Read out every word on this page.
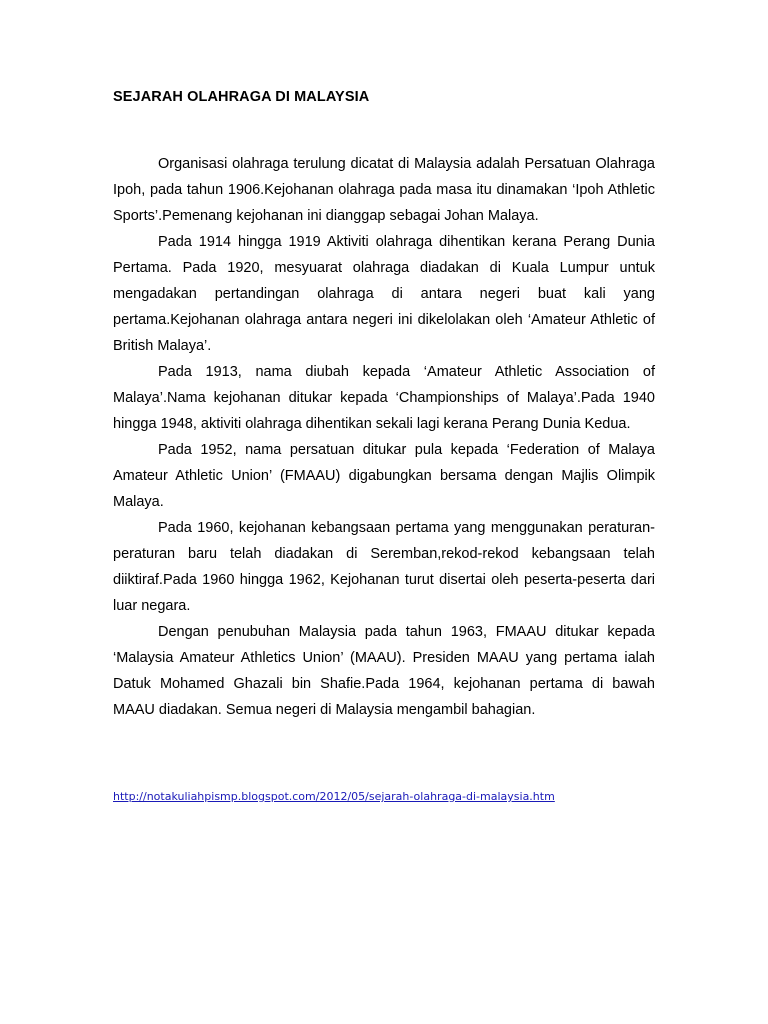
SEJARAH OLAHRAGA DI MALAYSIA

Organisasi olahraga terulung dicatat di Malaysia adalah Persatuan Olahraga Ipoh, pada tahun 1906.Kejohanan olahraga pada masa itu dinamakan ‘Ipoh Athletic Sports’.Pemenang kejohanan ini dianggap sebagai Johan Malaya.

Pada 1914 hingga 1919 Aktiviti olahraga dihentikan kerana Perang Dunia Pertama. Pada 1920, mesyuarat olahraga diadakan di Kuala Lumpur untuk mengadakan pertandingan olahraga di antara negeri buat kali yang pertama.Kejohanan olahraga antara negeri ini dikelolakan oleh ‘Amateur Athletic of British Malaya’.

Pada 1913, nama diubah kepada ‘Amateur Athletic Association of Malaya’.Nama kejohanan ditukar kepada ‘Championships of Malaya’.Pada 1940 hingga 1948, aktiviti olahraga dihentikan sekali lagi kerana Perang Dunia Kedua.

Pada 1952, nama persatuan ditukar pula kepada ‘Federation of Malaya Amateur Athletic Union’ (FMAAU) digabungkan bersama dengan Majlis Olimpik Malaya.

Pada 1960, kejohanan kebangsaan pertama yang menggunakan peraturan-peraturan baru telah diadakan di Seremban,rekod-rekod kebangsaan telah diiktiraf.Pada 1960 hingga 1962, Kejohanan turut disertai oleh peserta-peserta dari luar negara.

Dengan penubuhan Malaysia pada tahun 1963, FMAAU ditukar kepada ‘Malaysia Amateur Athletics Union’ (MAAU). Presiden MAAU yang pertama ialah Datuk Mohamed Ghazali bin Shafie.Pada 1964, kejohanan pertama di bawah MAAU diadakan. Semua negeri di Malaysia mengambil bahagian.

http://notakuliahpismp.blogspot.com/2012/05/sejarah-olahraga-di-malaysia.htm
